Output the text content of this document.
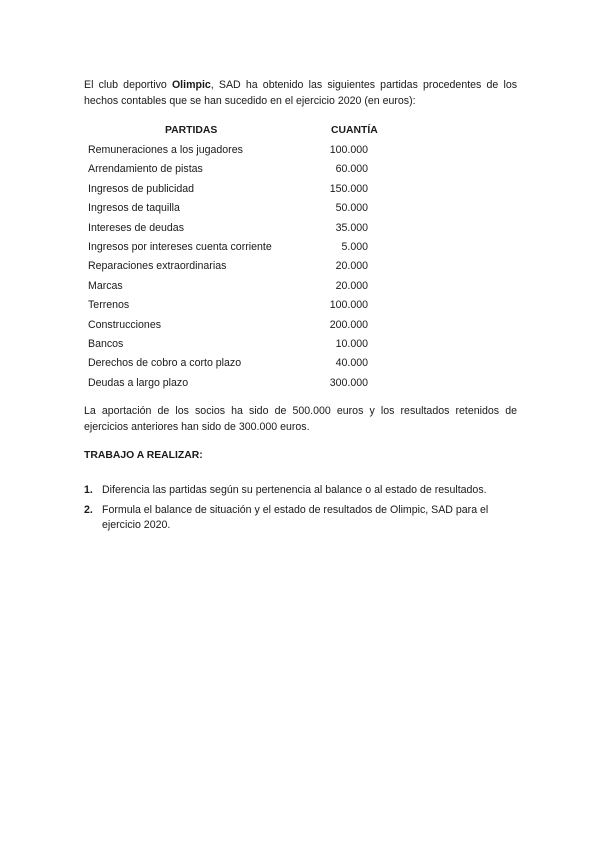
El club deportivo Olimpic, SAD ha obtenido las siguientes partidas procedentes de los hechos contables que se han sucedido en el ejercicio 2020 (en euros):

PARTIDAS	CUANTÍA
Remuneraciones a los jugadores	100.000
Arrendamiento de pistas	60.000
Ingresos de publicidad	150.000
Ingresos de taquilla	50.000
Intereses de deudas	35.000
Ingresos por intereses cuenta corriente	5.000
Reparaciones extraordinarias	20.000
Marcas	20.000
Terrenos	100.000
Construcciones	200.000
Bancos	10.000
Derechos de cobro a corto plazo	40.000
Deudas a largo plazo	300.000

La aportación de los socios ha sido de 500.000 euros y los resultados retenidos de ejercicios anteriores han sido de 300.000 euros.

TRABAJO A REALIZAR:

1. Diferencia las partidas según su pertenencia al balance o al estado de resultados.
2. Formula el balance de situación y el estado de resultados de Olimpic, SAD para el ejercicio 2020.
